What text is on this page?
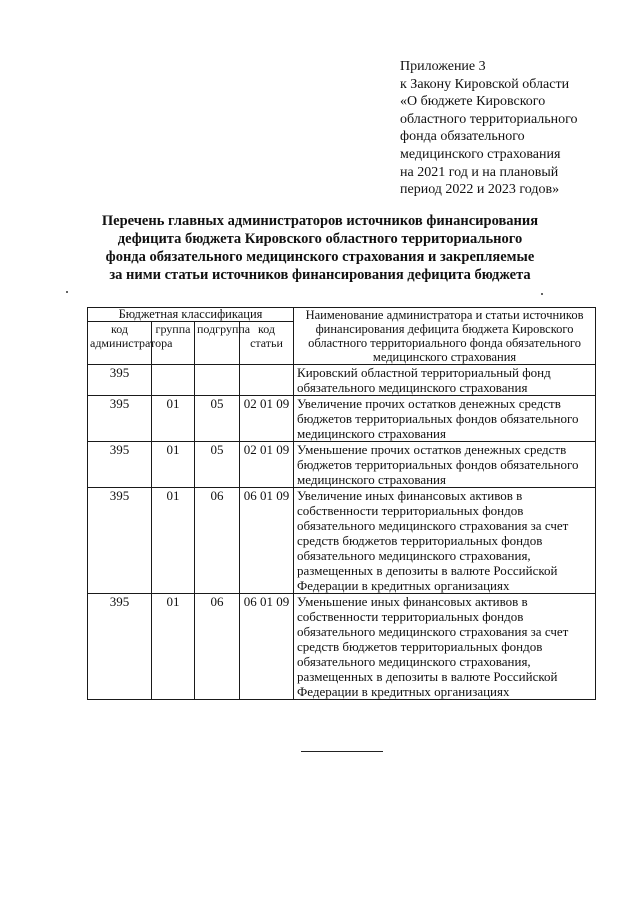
Приложение 3
к Закону Кировской области
«О бюджете Кировского
областного территориального
фонда обязательного
медицинского страхования
на 2021 год и на плановый
период 2022 и 2023 годов»
Перечень главных администраторов источников финансирования
дефицита бюджета Кировского областного территориального
фонда обязательного медицинского страхования и закрепляемые
за ними статьи источников финансирования дефицита бюджета
Бюджетная классификация				Наименование администратора и статьи источников финансирования дефицита бюджета Кировского областного территориального фонда обязательного медицинского страхования
код администратора	группа	подгруппа	код статьи	
395				Кировский областной территориальный фонд обязательного медицинского страхования
395	01	05	02 01 09	Увеличение прочих остатков денежных средств бюджетов территориальных фондов обязательного медицинского страхования
395	01	05	02 01 09	Уменьшение прочих остатков денежных средств бюджетов территориальных фондов обязательного медицинского страхования
395	01	06	06 01 09	Увеличение иных финансовых активов в собственности территориальных фондов обязательного медицинского страхования за счет средств бюджетов территориальных фондов обязательного медицинского страхования, размещенных в депозиты в валюте Российской Федерации в кредитных организациях
395	01	06	06 01 09	Уменьшение иных финансовых активов в собственности территориальных фондов обязательного медицинского страхования за счет средств бюджетов территориальных фондов обязательного медицинского страхования, размещенных в депозиты в валюте Российской Федерации в кредитных организациях
